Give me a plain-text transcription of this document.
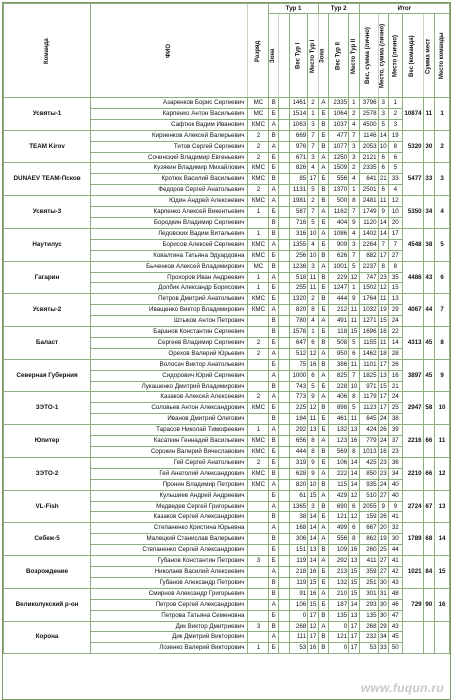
Команда	ФИО	Разряд	Тур 1				Тур 2			Итог					
			Зона		Вес Тур I	Место Тур I	Зона	Вес Тур II	Место Тур II	Вес, сумма (лично)	Место, сумма (лично)	Место (лично)	Вес (команда)	Сумма мест	Место команды
Усвяты-1	Азаренков Борис Сергеевич	МС	В		1461	2	А	2335	1	3796	3	1	10874	11	1
	Карпенко Антон Васильевич	МС	Б		1514	1	Б	1064	2	2578	3	2			
	Сафтюк Вадим Иванович	КМС	А		1063	3	В	1037	4	4500	5	3			
TEAM Kirov	Кириенков Алексей Валерьевич	2	В		669	7	Б	477	7	1146	14	19	5320	30	2
	Титов Сергей Сергеевич	2	А		976	7	В	1077	3	2053	10	8			
	Сочинский Владимир Евгеньевич	2	Б		671	3	А	1250	3	2121	6	6			
DUNAEV TEAM-Псков	Кузякин Владимир Михайлович	КМС	Б		826	4	А	1509	2	2335	6	5	5477	33	3
	Кротюк Василий Васильевич	КМС	В		85	17	Б	556	4	641	21	33			
	Федоров Сергей Анатольевич	2	А		1131	5	В	1370	1	2501	6	4			
Усвяты-3	Юдин Андрей Алексеевич	КМС	А		1981	2	В	500	8	2481	11	12	5350	34	4
	Карпенко Алексей Викентьевич	1	Б		587	7	А	1162	7	1749	9	10			
	Бородкин Владимир Сергеевич		В		716	5	Б	404	9	1120	14	20			
Наутилус	Ледовских Вадим Витальевич	1	В		316	10	А	1086	4	1402	14	17	4548	38	5
	Борисов Алексей Сергеевич	КМС	А		1355	4	Б	909	3	2264	7	7			
	Ковалгина Татьяна Эдуардовна	КМС	Б		256	10	В	626	7	882	17	27			
Гагарин	Быченков Алексей Владимирович	МС	В		1236	3	А	1001	5	2237	8	8	4486	43	6
	Прохоров Иван Андреевич	1	А		518	11	В	229	12	747	23	35			
	Долбик Александр Борисович	1	Б		255	11	Б	1247	1	1502	12	15			
Усвяты-2	Петров Дмитрий Анатольевич	КМС	Б		1320	2	В	444	9	1764	11	13	4067	44	7
	Иващенко Виктор Владимирович	КМС	А		820	8	Б	212	11	1032	19	29			
	Штыков Антон Петрович		В		780	4	А	491	11	1271	15	24			
Баласт	Баранов Константин Сергеевич		В		1578	1	Б	118	15	1696	16	22	4313	45	8
	Сергеев Владимир Сергеевич	2	Б		647	6	В	508	5	1155	11	14			
	Орехов Валерий Юрьевич	2	А		512	12	А	950	6	1462	18	28			
Северная Губерния	Волосач Виктор Анатольевич		Б		75	16	В	386	11	1101	17	26	3897	45	9
	Сидорович Юрий Сергеевич		А		1000	6	А	825	7	1825	13	16			
	Лукашенко Дмитрий Владимирович		В		743	5	Б	228	10	971	15	21			
ЗЭТО-1	Казаков Алексей Алексеевич	2	А		773	9	А	406	8	1179	17	24	2947	58	10
	Соловьев Антон Александрович	КМС	Б		225	12	В	898	5	1123	17	25			
	Иванов Дмитрий Олегович		В		184	11	Б	461	11	645	24	38			
Юпитер	Тарасов Николай Тимофеевич	1	А		292	13	Б	132	13	424	26	39	2216	66	11
	Касаткин Геннадий Васильевич	КМС	В		656	8	А	123	16	779	24	37			
	Сорокин Валерий Вячеславович	КМС	Б		444	8	В	569	8	1013	16	23			
ЗЭТО-2	Гей Сергей Анатольевич	2	Б		319	9	Б	106	14	425	23	36	2210	66	12
	Гей Анатолий Александрович	КМС	В		628	9	А	222	14	850	23	34			
	Пронин Владимир Петрович	КМС	А		820	10	В	115	14	935	24	40			
VL-Fish	Кульшиев Андрей Андреевич		Б		61	15	А	429	12	510	27	40	2724	67	13
	Медведев Сергей Григорьевич		А		1365	3	В	690	6	2055	9	9			
	Казаков Сергей Александрович		В		38	14	Б	121	12	159	26	41			
Себеж-5	Степаненко Кристина Юрьевна		А		168	14	А	499	6	667	20	32	1789	68	14
	Малецкий Станислав Валерьевич		В		306	14	А	556	8	862	19	30			
	Степаненко Сергей Александрович		Б		151	13	В	109	16	260	25	44			
Возрождение	Губанов Константин Петрович	3	Б		119	14	А	292	13	411	27	41	1021	84	15
	Николаев Василий Алексеевич		А		218	16	Б	213	15	359	27	42			
	Губанов Александр Петрович		В		119	15	Б	132	15	251	30	43			
Великолукский р-он	Смирнов Александр Григорьевич		В		91	16	А	210	15	301	31	48	729	90	16
	Петров Сергей Александрович		А		106	15	Б	187	14	293	30	46			
	Петрова Татьяна Семеновна		Б		0	17	В	135	13	135	30	47			
Корона	Дик Виктор Дмитриевич	3	В		268	12	А	0	17	268	29	43			
	Дик Дмитрий Викторович		А		111	17	В	121	17	232	34	45			
	Лозенко Валерий Викторович	1	Б		53	16	В	0	17	53	33	50			
www.fuqun.ru
